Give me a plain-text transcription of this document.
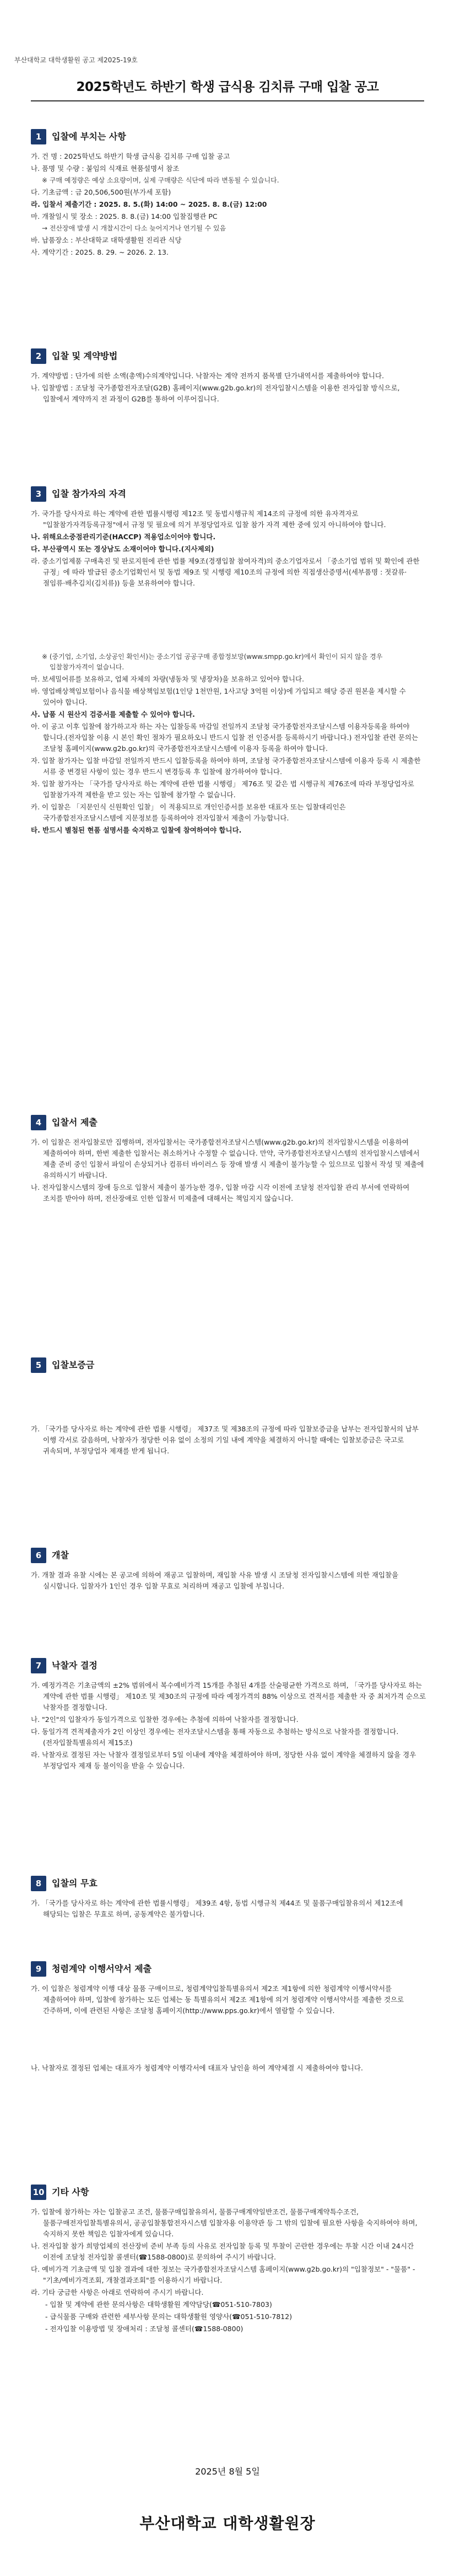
부산대학교 대학생활원 공고 제2025-19호
2025학년도 하반기 학생 급식용 김치류 구매 입찰 공고
1	입찰에 부치는 사항
가. 건 명 : 2025학년도 하반기 학생 급식용 김치류 구매 입찰 공고
나. 품명 및 수량 : 붙임의 식재료 현품설명서 참조
※ 구매 예정량은 예상 소요량이며, 실제 구매량은 식단에 따라 변동될 수 있습니다.
다. 기초금액 : 금 20,506,500원(부가세 포함)
라. 입찰서 제출기간 : 2025. 8. 5.(화) 14:00 ~ 2025. 8. 8.(금) 12:00
마. 개찰일시 및 장소 : 2025. 8. 8.(금) 14:00 입찰집행관 PC
→ 전산장애 발생 시 개찰시간이 다소 늦어지거나 연기될 수 있음
바. 납품장소 : 부산대학교 대학생활원 진리관 식당
사. 계약기간 : 2025. 8. 29. ~ 2026. 2. 13.
2	입찰 및 계약방법
가. 계약방법 : 단가에 의한 소액(총액)수의계약입니다. 낙찰자는 계약 전까지 품목별 단가내역서를 제출하여야 합니다.
나. 입찰방법 : 조달청 국가종합전자조달(G2B) 홈페이지(www.g2b.go.kr)의 전자입찰시스템을 이용한 전자입찰 방식으로, 입찰에서 계약까지 전 과정이 G2B를 통하여 이루어집니다.
3	입찰 참가자의 자격
가. 국가를 당사자로 하는 계약에 관한 법률시행령 제12조 및 동법시행규칙 제14조의 규정에 의한 유자격자로 "입찰참가자격등록규정"에서 규정 및 필요에 의거 부정당업자로 입찰 참가 자격 제한 중에 있지 아니하여야 합니다.
나. 위해요소중점관리기준(HACCP) 적용업소이어야 합니다.
다. 부산광역시 또는 경상남도 소재이어야 합니다.(지사제외)
라. 중소기업제품 구매촉진 및 판로지원에 관한 법률 제9조(경쟁입찰 참여자격)의 중소기업자로서 「중소기업 범위 및 확인에 관한 규정」에 따라 발급된 중소기업확인서 및 동법 제9조 및 시행령 제10조의 규정에 의한 직접생산증명서(세부품명 : 젓갈류·절임류·배추김치(김치류)) 등을 보유하여야 합니다.
※ (중기업, 소기업, 소상공인 확인서)는 중소기업 공공구매 종합정보망(www.smpp.go.kr)에서 확인이 되지 않을 경우 입찰참가자격이 없습니다.
마. 보세밀어류를 보유하고, 업체 자체의 차량(냉동차 및 냉장차)을 보유하고 있어야 합니다.
바. 영업배상책임보험이나 음식물 배상책임보험(1인당 1천만원, 1사고당 3억원 이상)에 가입되고 해당 증권 원본을 제시할 수 있어야 합니다.
사. 납품 시 원산지 검증서를 제출할 수 있어야 합니다.
아. 이 공고 이후 입찰에 참가하고자 하는 자는 입찰등록 마감일 전일까지 조달청 국가종합전자조달시스템 이용자등록을 하여야 합니다.(전자입찰 이용 시 본인 확인 절차가 필요하오니 반드시 입찰 전 인증서를 등록하시기 바랍니다.) 전자입찰 관련 문의는 조달청 홈페이지(www.g2b.go.kr)의 국가종합전자조달시스템에 이용자 등록을 하여야 합니다.
자. 입찰 참가자는 입찰 마감일 전일까지 반드시 입찰등록을 하여야 하며, 조달청 국가종합전자조달시스템에 이용자 등록 시 제출한 서류 중 변경된 사항이 있는 경우 반드시 변경등록 후 입찰에 참가하여야 합니다.
차. 입찰 참가자는 「국가를 당사자로 하는 계약에 관한 법률 시행령」 제76조 및 같은 법 시행규칙 제76조에 따라 부정당업자로 입찰참가자격 제한을 받고 있는 자는 입찰에 참가할 수 없습니다.
카. 이 입찰은 「지문인식 신원확인 입찰」 이 적용되므로 개인인증서를 보유한 대표자 또는 입찰대리인은 국가종합전자조달시스템에 지문정보를 등록하여야 전자입찰서 제출이 가능합니다.
타. 반드시 별첨된 현품 설명서를 숙지하고 입찰에 참여하여야 합니다.
4	입찰서 제출
가. 이 입찰은 전자입찰로만 집행하며, 전자입찰서는 국가종합전자조달시스템(www.g2b.go.kr)의 전자입찰시스템을 이용하여 제출하여야 하며, 한번 제출한 입찰서는 취소하거나 수정할 수 없습니다. 만약, 국가종합전자조달시스템의 전자입찰시스템에서 제출 준비 중인 입찰서 파일이 손상되거나 컴퓨터 바이러스 등 장애 발생 시 제출이 불가능할 수 있으므로 입찰서 작성 및 제출에 유의하시기 바랍니다.
나. 전자입찰시스템의 장애 등으로 입찰서 제출이 불가능한 경우, 입찰 마감 시각 이전에 조달청 전자입찰 관리 부서에 연락하여 조치를 받아야 하며, 전산장애로 인한 입찰서 미제출에 대해서는 책임지지 않습니다.
5	입찰보증금
가. 「국가를 당사자로 하는 계약에 관한 법률 시행령」 제37조 및 제38조의 규정에 따라 입찰보증금을 납부는 전자입찰서의 납부 이행 각서로 갈음하며, 낙찰자가 정당한 이유 없이 소정의 기일 내에 계약을 체결하지 아니할 때에는 입찰보증금은 국고로 귀속되며, 부정당업자 제재를 받게 됩니다.
6	개찰
가. 개찰 결과 유찰 시에는 본 공고에 의하여 재공고 입찰하며, 재입찰 사유 발생 시 조달청 전자입찰시스템에 의한 재입찰을 실시합니다. 입찰자가 1인인 경우 입찰 무효로 처리하며 재공고 입찰에 부칩니다.
7	낙찰자 결정
가. 예정가격은 기초금액의 ±2% 범위에서 복수예비가격 15개를 추첨된 4개를 산술평균한 가격으로 하며, 「국가를 당사자로 하는 계약에 관한 법률 시행령」 제10조 및 제30조의 규정에 따라 예정가격의 88% 이상으로 견적서를 제출한 자 중 최저가격 순으로 낙찰자를 결정합니다.
나. "2인"의 입찰자가 동일가격으로 입찰한 경우에는 추첨에 의하여 낙찰자를 결정합니다.
다. 동일가격 견적제출자가 2인 이상인 경우에는 전자조달시스템을 통해 자동으로 추첨하는 방식으로 낙찰자를 결정합니다.(전자입찰특별유의서 제15조)
라. 낙찰자로 결정된 자는 낙찰자 결정일로부터 5일 이내에 계약을 체결하여야 하며, 정당한 사유 없이 계약을 체결하지 않을 경우 부정당업자 제재 등 불이익을 받을 수 있습니다.
8	입찰의 무효
가. 「국가를 당사자로 하는 계약에 관한 법률시행령」 제39조 4항, 동법 시행규칙 제44조 및 물품구매입찰유의서 제12조에 해당되는 입찰은 무효로 하며, 공동계약은 불가합니다.
9	청렴계약 이행서약서 제출
가. 이 입찰은 청렴계약 이행 대상 물품 구매이므로, 청렴계약입찰특별유의서 제2조 제1항에 의한 청렴계약 이행서약서를 제출하여야 하며, 입찰에 참가하는 모든 업체는 동 특별유의서 제2조 제1항에 의거 청렴계약 이행서약서를 제출한 것으로 간주하며, 이에 관련된 사항은 조달청 홈페이지(http://www.pps.go.kr)에서 열람할 수 있습니다.
나. 낙찰자로 결정된 업체는 대표자가 청렴계약 이행각서에 대표자 날인을 하여 계약체결 시 제출하여야 합니다.
10 기타 사항
가. 입찰에 참가하는 자는 입찰공고 조건, 물품구매입찰유의서, 물품구매계약일반조건, 물품구매계약특수조건, 물품구매전자입찰특별유의서, 공공입찰통합전자시스템 입찰자용 이용약관 등 그 밖의 입찰에 필요한 사항을 숙지하여야 하며, 숙지하지 못한 책임은 입찰자에게 있습니다.
나. 전자입찰 참가 희망업체의 전산장비 준비 부족 등의 사유로 전자입찰 등록 및 투찰이 곤란한 경우에는 투찰 시간 이내 24시간 이전에 조달청 전자입찰 콜센터(☎1588-0800)로 문의하여 주시기 바랍니다.
다. 예비가격 기초금액 및 입찰 결과에 대한 정보는 국가종합전자조달시스템 홈페이지(www.g2b.go.kr)의 "입찰정보" - "물품" - "기초/예비가격조회, 개찰결과조회"를 이용하시기 바랍니다.
라. 기타 궁금한 사항은 아래로 연락하여 주시기 바랍니다.
- 입찰 및 계약에 관한 문의사항은 대학생활원 계약담당(☎051-510-7803)
- 급식물품 구매와 관련한 세부사항 문의는 대학생활원 영양사(☎051-510-7812)
- 전자입찰 이용방법 및 장애처리 : 조달청 콜센터(☎1588-0800)
2025년 8월 5일
부산대학교 대학생활원장
